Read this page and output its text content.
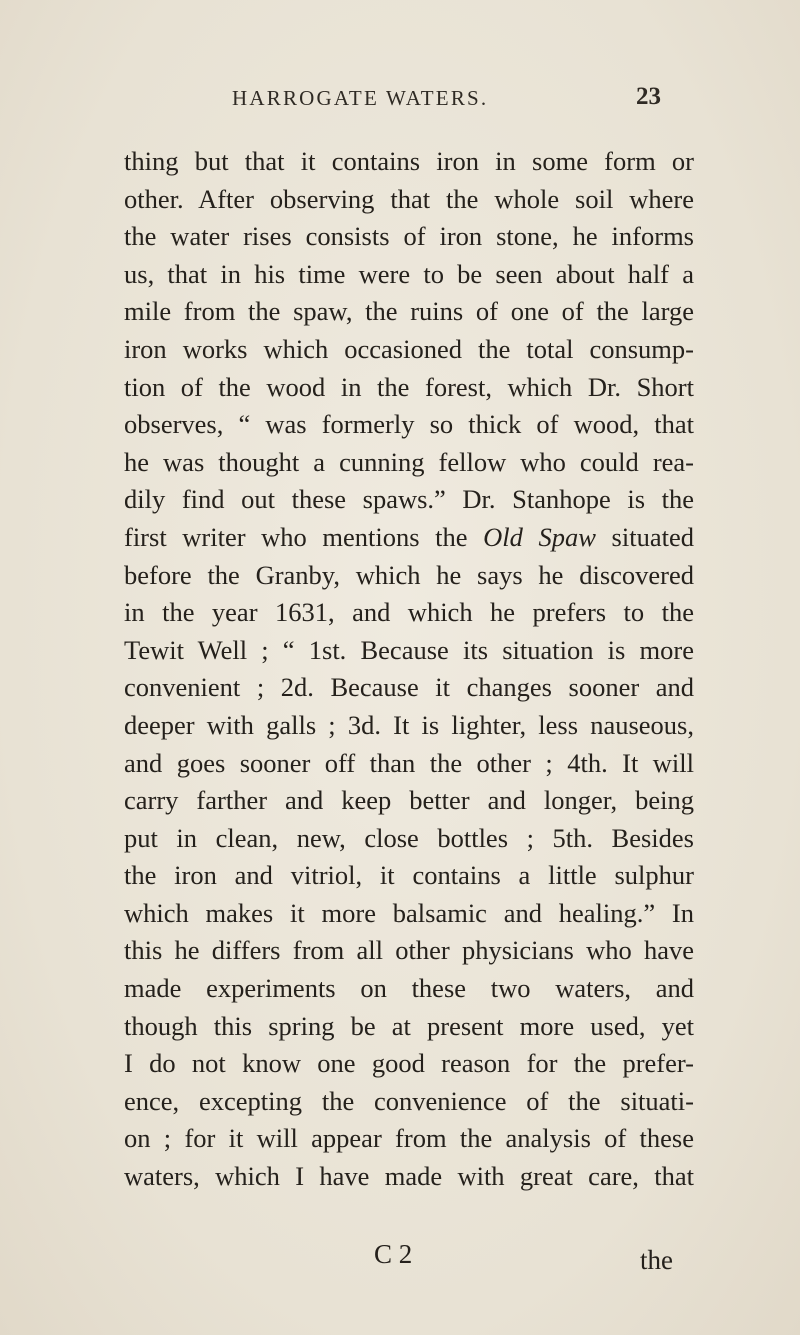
HARROGATE WATERS.	23
thing but that it contains iron in some form or
other. After observing that the whole soil where
the water rises consists of iron stone, he informs
us, that in his time were to be seen about half a
mile from the spaw, the ruins of one of the large
iron works which occasioned the total consump-
tion of the wood in the forest, which Dr. Short
observes, “ was formerly so thick of wood, that
he was thought a cunning fellow who could rea-
dily find out these spaws.” Dr. Stanhope is the
first writer who mentions the Old Spaw situated
before the Granby, which he says he discovered
in the year 1631, and which he prefers to the
Tewit Well ; “ 1st. Because its situation is more
convenient ; 2d. Because it changes sooner and
deeper with galls ; 3d. It is lighter, less nauseous,
and goes sooner off than the other ; 4th. It will
carry farther and keep better and longer, being
put in clean, new, close bottles ; 5th. Besides
the iron and vitriol, it contains a little sulphur
which makes it more balsamic and healing.” In
this he differs from all other physicians who have
made experiments on these two waters, and
though this spring be at present more used, yet
I do not know one good reason for the prefer-
ence, excepting the convenience of the situati-
on ; for it will appear from the analysis of these
waters, which I have made with great care, that
C 2	the
